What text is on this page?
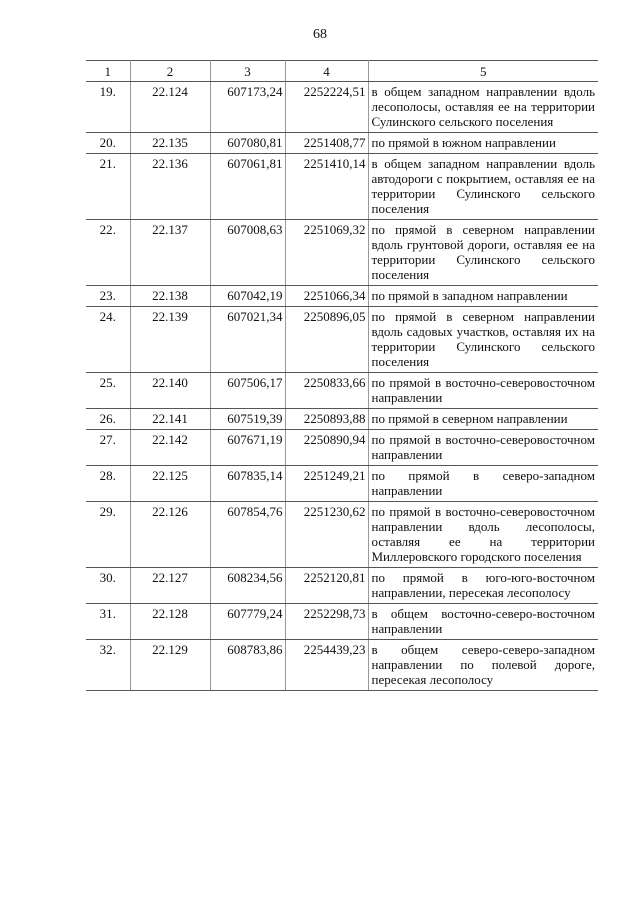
68
1	2	3	4	5
19.	22.124	607173,24	2252224,51	в общем западном направлении вдоль лесополосы, оставляя ее на территории Сулинского сельского поселения
20.	22.135	607080,81	2251408,77	по прямой в южном направлении
21.	22.136	607061,81	2251410,14	в общем западном направлении вдоль автодороги с покрытием, оставляя ее на территории Сулинского сельского поселения
22.	22.137	607008,63	2251069,32	по прямой в северном направлении вдоль грунтовой дороги, оставляя ее на территории Сулинского сельского поселения
23.	22.138	607042,19	2251066,34	по прямой в западном направлении
24.	22.139	607021,34	2250896,05	по прямой в северном направлении вдоль садовых участков, оставляя их на территории Сулинского сельского поселения
25.	22.140	607506,17	2250833,66	по прямой в восточно-северовосточном направлении
26.	22.141	607519,39	2250893,88	по прямой в северном направлении
27.	22.142	607671,19	2250890,94	по прямой в восточно-северовосточном направлении
28.	22.125	607835,14	2251249,21	по прямой в северо-западном направлении
29.	22.126	607854,76	2251230,62	по прямой в восточно-северовосточном направлении вдоль лесополосы, оставляя ее на территории Миллеровского городского поселения
30.	22.127	608234,56	2252120,81	по прямой в юго-юго-восточном направлении, пересекая лесополосу
31.	22.128	607779,24	2252298,73	в общем восточно-северо-восточном направлении
32.	22.129	608783,86	2254439,23	в общем северо-северо-западном направлении по полевой дороге, пересекая лесополосу
